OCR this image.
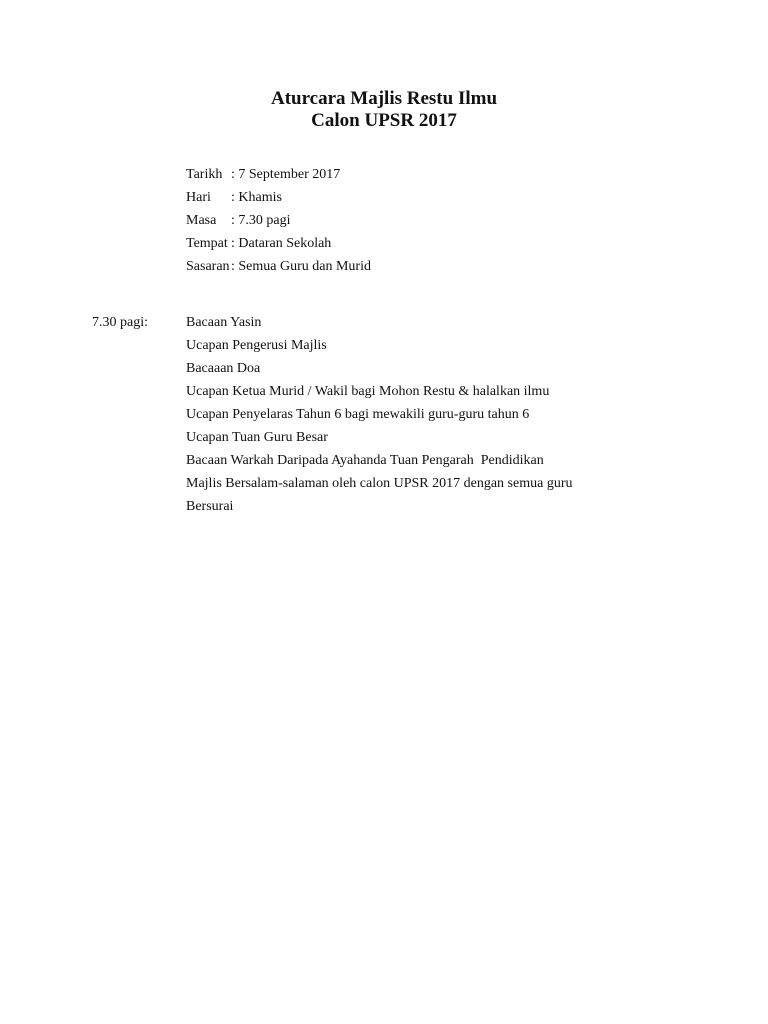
Aturcara Majlis Restu Ilmu
Calon UPSR 2017
Tarikh : 7 September 2017
Hari	: Khamis
Masa	: 7.30 pagi
Tempat : Dataran Sekolah
Sasaran : Semua Guru dan Murid
7.30 pagi:	Bacaan Yasin
Ucapan Pengerusi Majlis
Bacaaan Doa
Ucapan Ketua Murid / Wakil bagi Mohon Restu & halalkan ilmu
Ucapan Penyelaras Tahun 6 bagi mewakili guru-guru tahun 6
Ucapan Tuan Guru Besar
Bacaan Warkah Daripada Ayahanda Tuan Pengarah  Pendidikan
Majlis Bersalam-salaman oleh calon UPSR 2017 dengan semua guru
Bersurai
